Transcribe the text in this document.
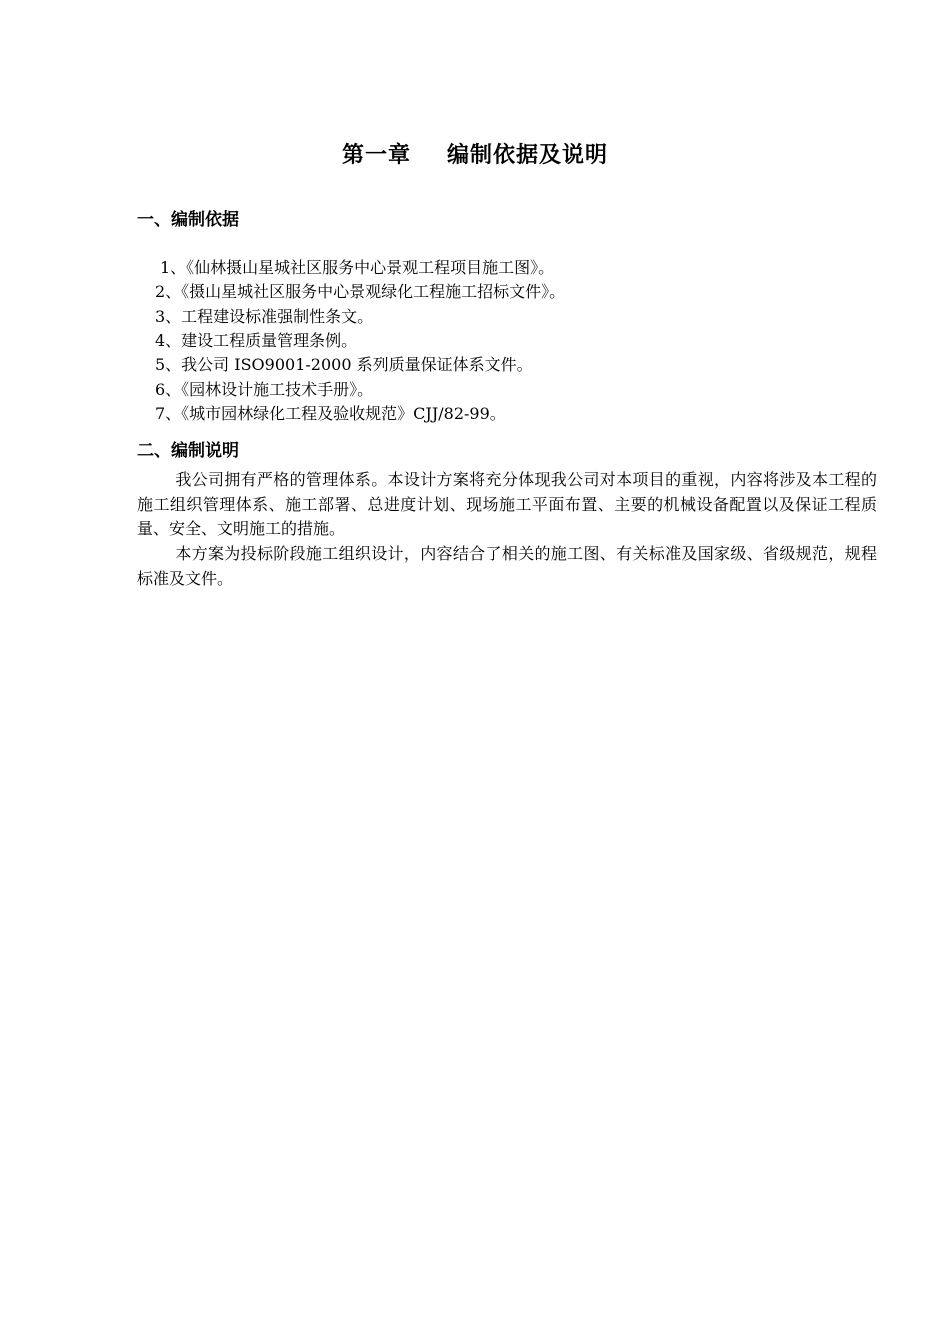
第一章 编制依据及说明
一、编制依据
1、《仙林摄山星城社区服务中心景观工程项目施工图》。
2、《摄山星城社区服务中心景观绿化工程施工招标文件》。
3、工程建设标准强制性条文。
4、建设工程质量管理条例。
5、我公司 ISO9001-2000 系列质量保证体系文件。
6、《园林设计施工技术手册》。
7、《城市园林绿化工程及验收规范》CJJ/82-99。
二、编制说明

我公司拥有严格的管理体系。本设计方案将充分体现我公司对本项目的重视，内容将涉及本工程的施工组织管理体系、施工部署、总进度计划、现场施工平面布置、主要的机械设备配置以及保证工程质量、安全、文明施工的措施。

本方案为投标阶段施工组织设计，内容结合了相关的施工图、有关标准及国家级、省级规范，规程标准及文件。
